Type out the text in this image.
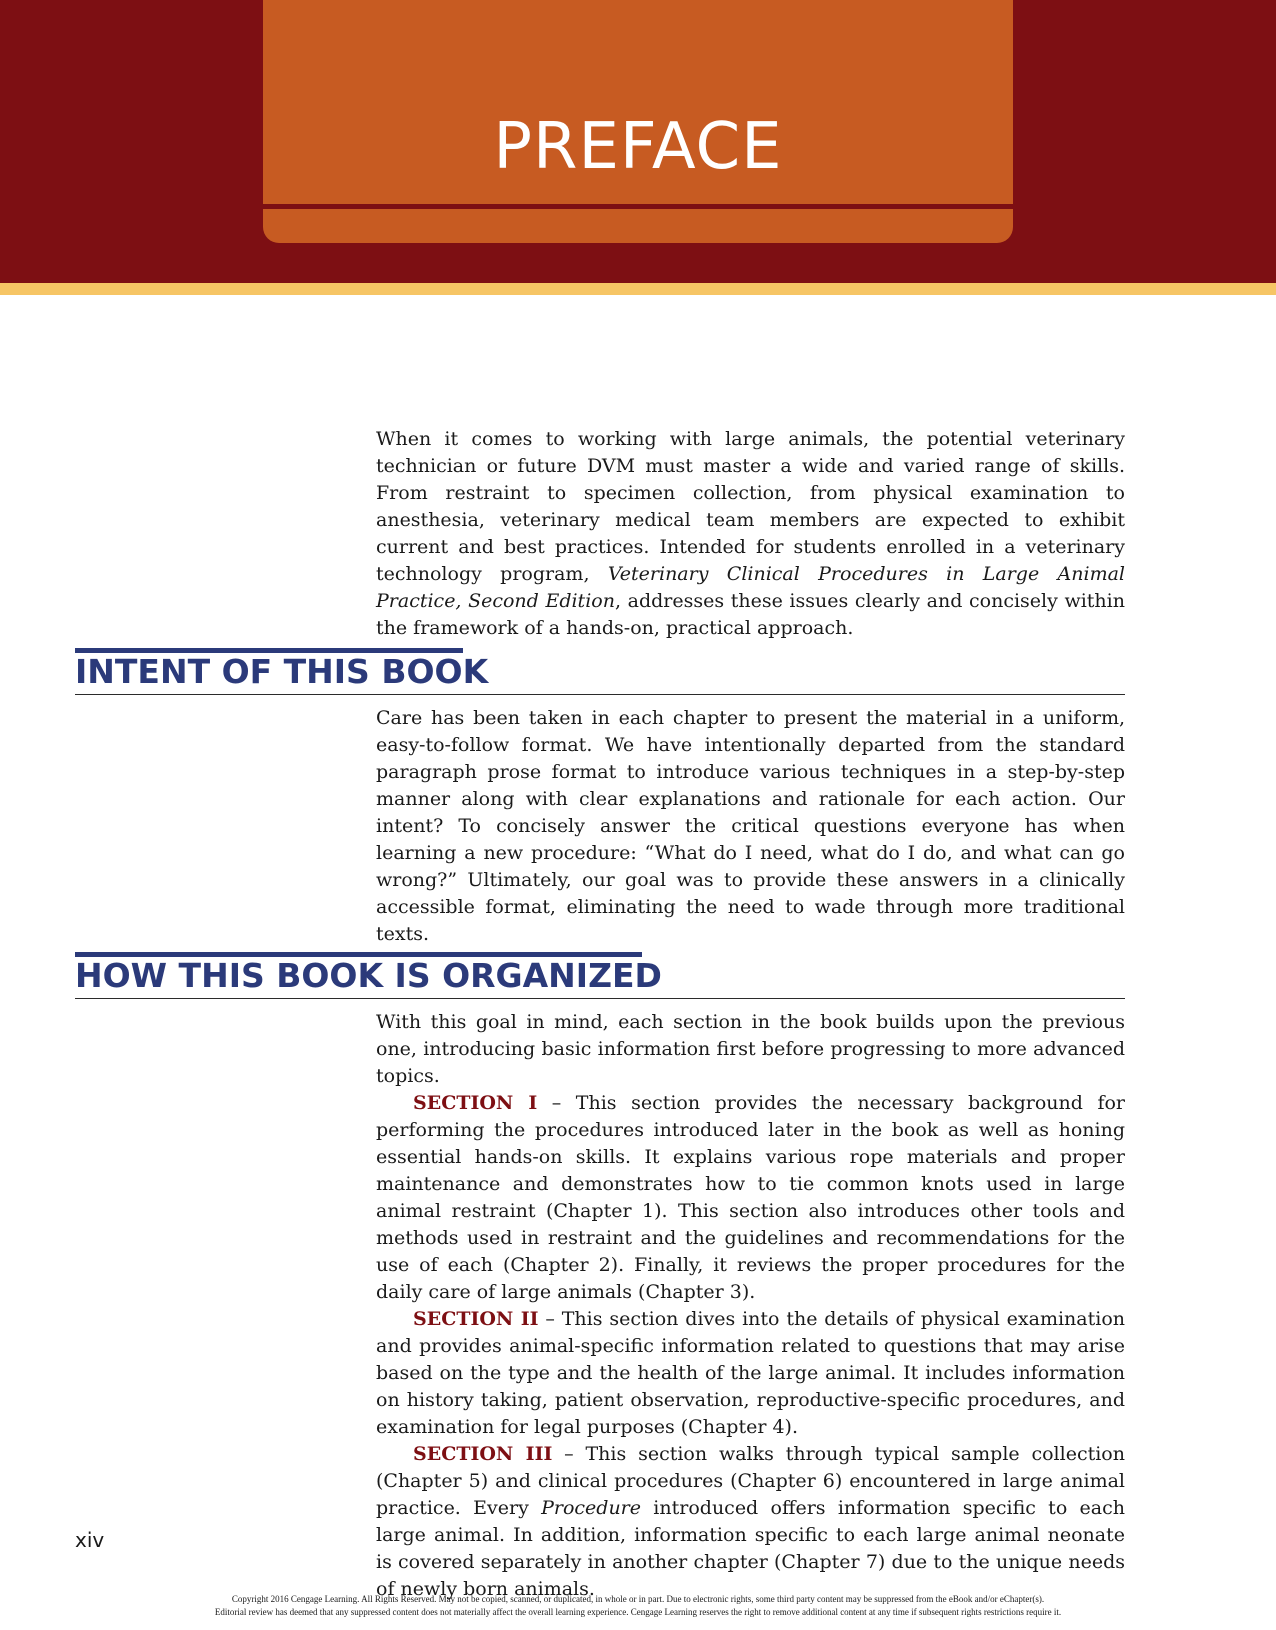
PREFACE

When it comes to working with large animals, the potential veterinary technician or future DVM must master a wide and varied range of skills. From restraint to specimen collection, from physical examination to anesthesia, veterinary medical team members are expected to exhibit current and best practices. Intended for students enrolled in a veterinary technology program, Veterinary Clinical Procedures in Large Animal Practice, Second Edition, addresses these issues clearly and concisely within the framework of a hands-on, practical approach.

INTENT OF THIS BOOK

Care has been taken in each chapter to present the material in a uniform, easy-to-follow format. We have intentionally departed from the standard paragraph prose format to introduce various techniques in a step-by-step manner along with clear explanations and rationale for each action. Our intent? To concisely answer the critical questions everyone has when learning a new procedure: “What do I need, what do I do, and what can go wrong?” Ultimately, our goal was to provide these answers in a clinically accessible format, eliminating the need to wade through more traditional texts.

HOW THIS BOOK IS ORGANIZED

With this goal in mind, each section in the book builds upon the previous one, introducing basic information first before progressing to more advanced topics.

SECTION I – This section provides the necessary background for performing the procedures introduced later in the book as well as honing essential hands-on skills. It explains various rope materials and proper maintenance and demonstrates how to tie common knots used in large animal restraint (Chapter 1). This section also introduces other tools and methods used in restraint and the guidelines and recommendations for the use of each (Chapter 2). Finally, it reviews the proper procedures for the daily care of large animals (Chapter 3).

SECTION II – This section dives into the details of physical examination and provides animal-specific information related to questions that may arise based on the type and the health of the large animal. It includes information on history taking, patient observation, reproductive-specific procedures, and examination for legal purposes (Chapter 4).

SECTION III – This section walks through typical sample collection (Chapter 5) and clinical procedures (Chapter 6) encountered in large animal practice. Every Procedure introduced offers information specific to each large animal. In addition, information specific to each large animal neonate is covered separately in another chapter (Chapter 7) due to the unique needs of newly born animals.

xiv
Copyright 2016 Cengage Learning. All Rights Reserved. May not be copied, scanned, or duplicated, in whole or in part. Due to electronic rights, some third party content may be suppressed from the eBook and/or eChapter(s).
Editorial review has deemed that any suppressed content does not materially affect the overall learning experience. Cengage Learning reserves the right to remove additional content at any time if subsequent rights restrictions require it.
